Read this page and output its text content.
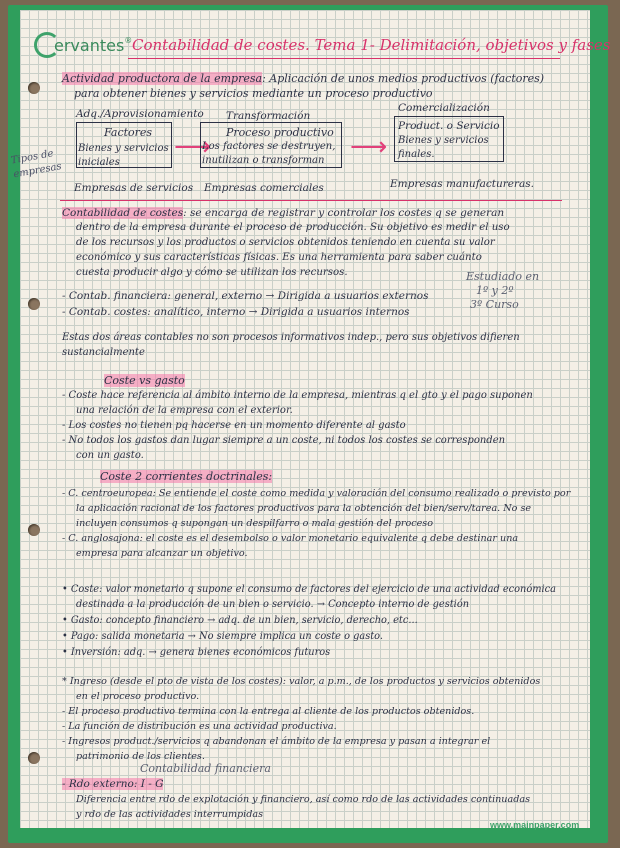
ervantes® Contabilidad de costes. Tema 1- Delimitación, objetivos y fases
Actividad productora de la empresa: Aplicación de unos medios productivos (factores)
para obtener bienes y servicios mediante un proceso productivo
Adq./Aprovisionamiento Transformación
Comercialización
Factores
Bienes y servicios iniciales
⟶ Proceso productivo
Los factores se destruyen, inutilizan o transforman ⟶
Product. o Servicio
Bienes y servicios finales.
Tipos de empresas
Empresas de servicios Empresas comerciales	Empresas manufactureras.
Contabilidad de costes: se encarga de registrar y controlar los costes q se generan
dentro de la empresa durante el proceso de producción. Su objetivo es medir el uso
de los recursos y los productos o servicios obtenidos teniendo en cuenta su valor
económico y sus características físicas. Es una herramienta para saber cuánto
cuesta producir algo y cómo se utilizan los recursos.
- Contab. financiera: general, externo → Dirigida a usuarios externos
- Contab. costes: analítico, interno → Dirigida a usuarios internos
Estudiado en
1º y 2º
3º Curso
Estas dos áreas contables no son procesos informativos indep., pero sus objetivos difieren
sustancialmente
Coste vs gasto
- Coste hace referencia al ámbito interno de la empresa, mientras q el gto y el pago suponen
una relación de la empresa con el exterior.
- Los costes no tienen pq hacerse en un momento diferente al gasto
- No todos los gastos dan lugar siempre a un coste, ni todos los costes se corresponden
con un gasto.
Coste 2 corrientes doctrinales:
- C. centroeuropea: Se entiende el coste como medida y valoración del consumo realizado o previsto por
la aplicación racional de los factores productivos para la obtención del bien/serv/tarea. No se
incluyen consumos q supongan un despilfarro o mala gestión del proceso
- C. anglosajona: el coste es el desembolso o valor monetario equivalente q debe destinar una
empresa para alcanzar un objetivo.
• Coste: valor monetario q supone el consumo de factores del ejercicio de una actividad económica
destinada a la producción de un bien o servicio. → Concepto interno de gestión
• Gasto: concepto financiero → adq. de un bien, servicio, derecho, etc...
• Pago: salida monetaria → No siempre implica un coste o gasto.
• Inversión: adq. → genera bienes económicos futuros
* Ingreso (desde el pto de vista de los costes): valor, a p.m., de los productos y servicios obtenidos
en el proceso productivo.
- El proceso productivo termina con la entrega al cliente de los productos obtenidos.
- La función de distribución es una actividad productiva.
- Ingresos product./servicios q abandonan el ámbito de la empresa y pasan a integrar el
patrimonio de los clientes.
Contabilidad financiera
- Rdo externo: I - G
Diferencia entre rdo de explotación y financiero, así como rdo de las actividades continuadas
y rdo de las actividades interrumpidas
www.mainpaper.com
